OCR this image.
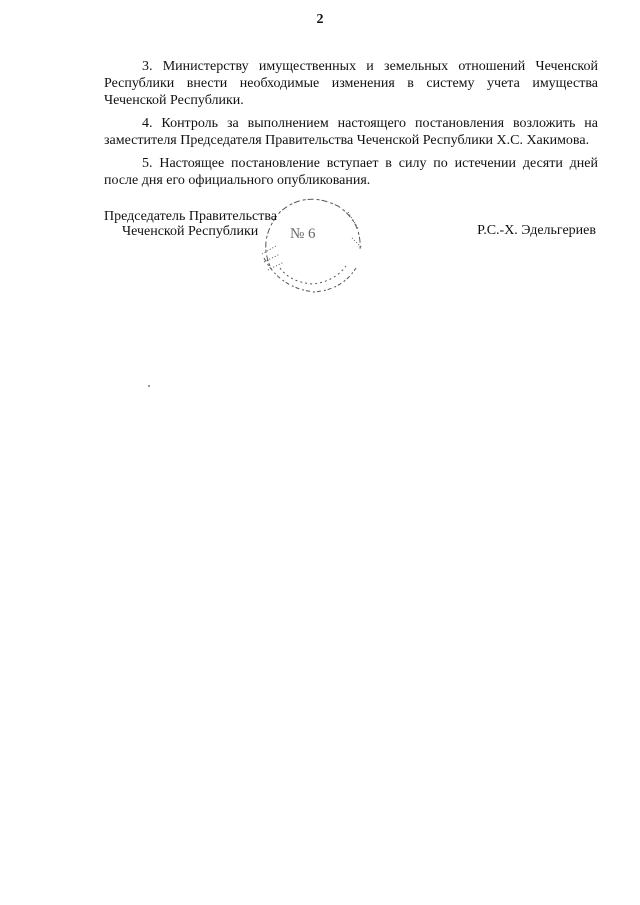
2

3. Министерству имущественных и земельных отношений Чеченской Республики внести необходимые изменения в систему учета имущества Чеченской Республики.

4. Контроль за выполнением настоящего постановления возложить на заместителя Председателя Правительства Чеченской Республики Х.С. Хакимова.

5. Настоящее постановление вступает в силу по истечении десяти дней после дня его официального опубликования.

№ 6
Председатель Правительства
Чеченской Республики	Р.С.-Х. Эдельгериев
